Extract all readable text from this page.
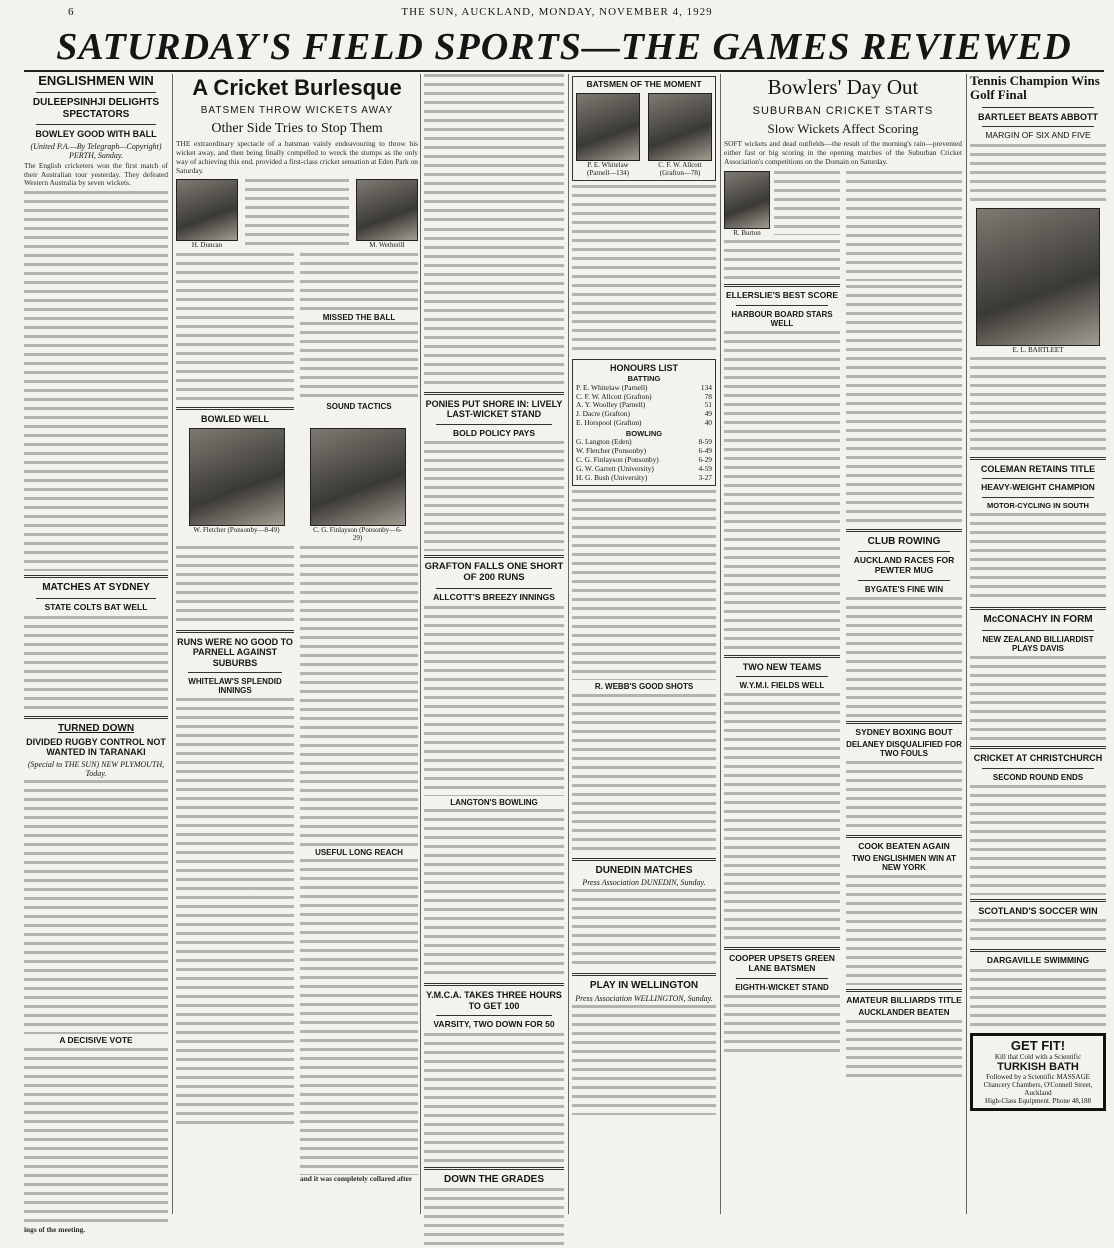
6	THE SUN, AUCKLAND, MONDAY, NOVEMBER 4, 1929
SATURDAY'S FIELD SPORTS—THE GAMES REVIEWED
ENGLISHMEN WIN
DULEEPSINHJI DELIGHTS SPECTATORS
BOWLEY GOOD WITH BALL
(United P.A.—By Telegraph—Copyright) PERTH, Sunday.
The English cricketers won the first match of their Australian tour yesterday. They defeated Western Australia by seven wickets.
MATCHES AT SYDNEY
STATE COLTS BAT WELL
TURNED DOWN
DIVIDED RUGBY CONTROL NOT WANTED IN TARANAKI
(Special to THE SUN) NEW PLYMOUTH, Today.
A DECISIVE VOTE
ings of the meeting.
A Cricket Burlesque
BATSMEN THROW WICKETS AWAY
Other Side Tries to Stop Them
THE extraordinary spectacle of a batsman vainly endeavouring to throw his wicket away, and then being finally compelled to wreck the stumps as the only way of achieving this end, provided a first-class cricket sensation at Eden Park on Saturday.
H. Duncan	M. Wetherill
BOWLED WELL
MISSED THE BALL
SOUND TACTICS
W. Fletcher (Ponsonby—8-49)	C. G. Finlayson (Ponsonby—6-29)
RUNS WERE NO GOOD TO PARNELL AGAINST SUBURBS
WHITELAW'S SPLENDID INNINGS
USEFUL LONG REACH
and it was completely collared after
PONIES PUT SHORE IN: LIVELY LAST-WICKET STAND
BOLD POLICY PAYS
GRAFTON FALLS ONE SHORT OF 200 RUNS
ALLCOTT'S BREEZY INNINGS
LANGTON'S BOWLING
Y.M.C.A. TAKES THREE HOURS TO GET 100
VARSITY, TWO DOWN FOR 50
DOWN THE GRADES
BATSMEN OF THE MOMENT
P. E. Whitelaw (Parnell—134)
C. F. W. Allcott (Grafton—78)
HONOURS LIST
BATTING
P. E. Whitelaw (Parnell)	134
C. F. W. Allcott (Grafton)	78
A. Y. Woolley (Parnell)	51
J. Dacre (Grafton)	49
E. Horspool (Grafton)	40
BOWLING
G. Langton (Eden)	8-59
W. Fletcher (Ponsonby)	6-49
C. G. Finlayson (Ponsonby)	6-29
G. W. Garrett (University)	4-59
H. G. Bush (University)	3-27
R. WEBB'S GOOD SHOTS
DUNEDIN MATCHES
Press Association DUNEDIN, Sunday.
PLAY IN WELLINGTON
Press Association WELLINGTON, Sunday.
Bowlers' Day Out
SUBURBAN CRICKET STARTS
Slow Wickets Affect Scoring
SOFT wickets and dead outfields—the result of the morning's rain—prevented either fast or big scoring in the opening matches of the Suburban Cricket Association's competitions on the Domain on Saturday.
R. Burton
ELLERSLIE'S BEST SCORE
HARBOUR BOARD STARS WELL
TWO NEW TEAMS
W.Y.M.I. FIELDS WELL
COOPER UPSETS GREEN LANE BATSMEN
EIGHTH-WICKET STAND
CLUB ROWING
AUCKLAND RACES FOR PEWTER MUG
BYGATE'S FINE WIN
SYDNEY BOXING BOUT
DELANEY DISQUALIFIED FOR TWO FOULS
COOK BEATEN AGAIN
TWO ENGLISHMEN WIN AT NEW YORK
AMATEUR BILLIARDS TITLE
AUCKLANDER BEATEN
Tennis Champion Wins Golf Final
BARTLEET BEATS ABBOTT
MARGIN OF SIX AND FIVE
E. L. BARTLEET
COLEMAN RETAINS TITLE
HEAVY-WEIGHT CHAMPION
MOTOR-CYCLING IN SOUTH
McCONACHY IN FORM
NEW ZEALAND BILLIARDIST PLAYS DAVIS
CRICKET AT CHRISTCHURCH
SECOND ROUND ENDS
SCOTLAND'S SOCCER WIN
DARGAVILLE SWIMMING
GET FIT!
Kill that Cold with a Scientific
TURKISH BATH
Followed by a Scientific MASSAGE
Chancery Chambers, O'Connell Street, Auckland
High-Class Equipment. Phone 48,188
